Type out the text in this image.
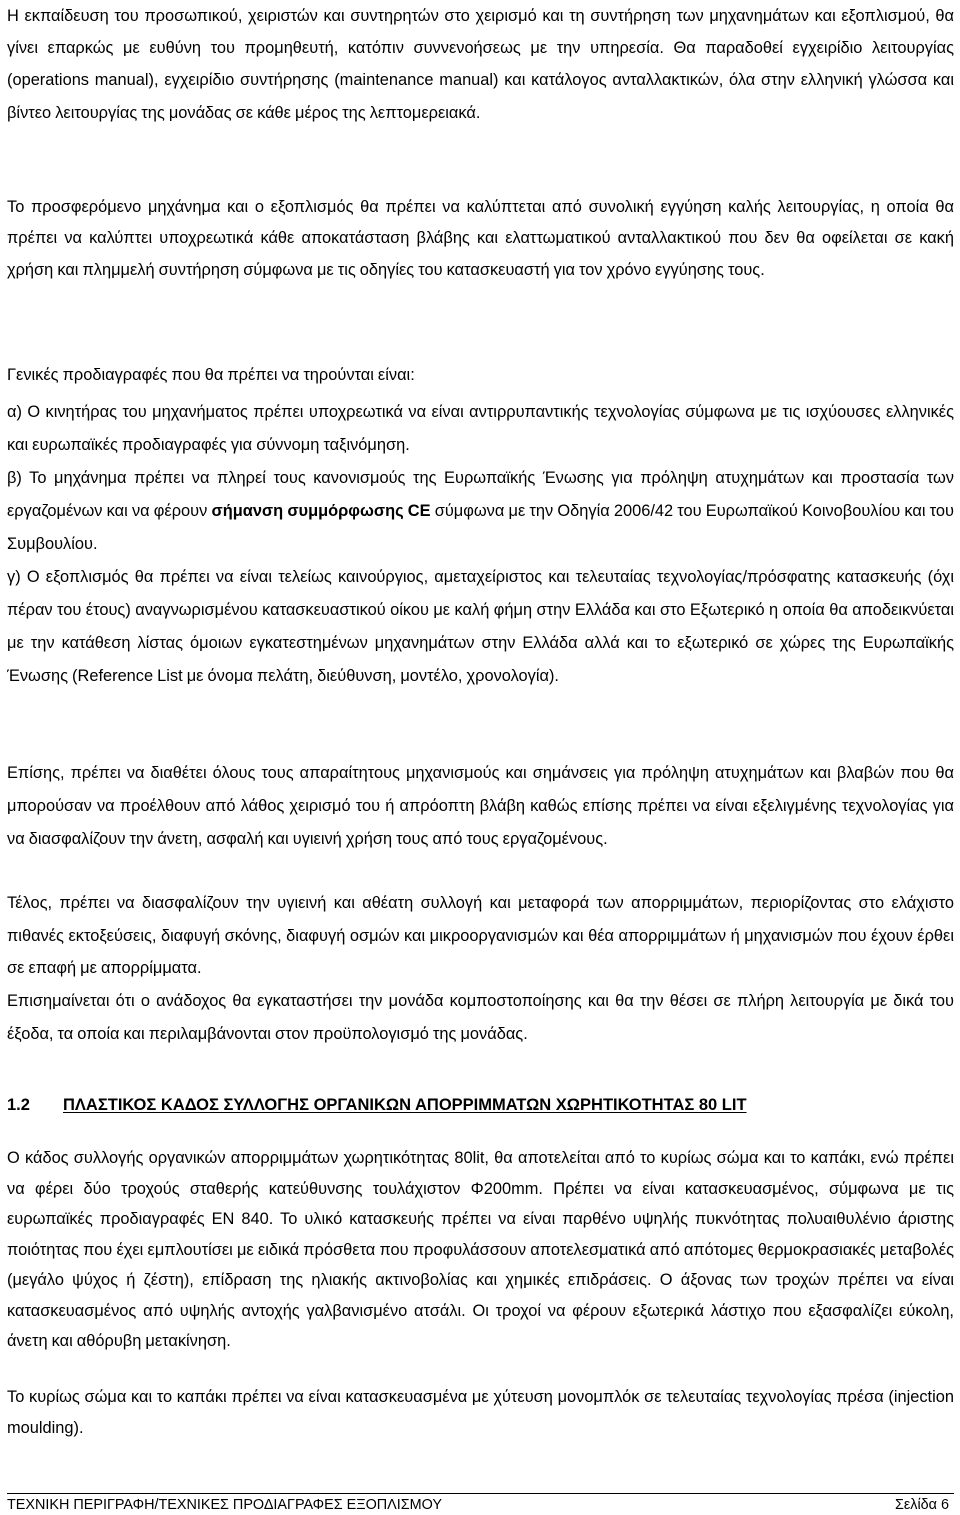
Η εκπαίδευση του προσωπικού, χειριστών και συντηρητών στο χειρισμό και τη συντήρηση των μηχανημάτων και εξοπλισμού, θα γίνει επαρκώς με ευθύνη του προμηθευτή, κατόπιν συννενοήσεως με την υπηρεσία. Θα παραδοθεί εγχειρίδιο λειτουργίας (operations manual), εγχειρίδιο συντήρησης (maintenance manual) και κατάλογος ανταλλακτικών, όλα στην ελληνική γλώσσα και βίντεο λειτουργίας της μονάδας σε κάθε μέρος της λεπτομερειακά.

Το προσφερόμενο μηχάνημα και ο εξοπλισμός θα πρέπει να καλύπτεται από συνολική εγγύηση καλής λειτουργίας, η οποία θα πρέπει να καλύπτει υποχρεωτικά κάθε αποκατάσταση βλάβης και ελαττωματικού ανταλλακτικού που δεν θα οφείλεται σε κακή χρήση και πλημμελή συντήρηση σύμφωνα με τις οδηγίες του κατασκευαστή για τον χρόνο εγγύησης τους.

Γενικές προδιαγραφές που θα πρέπει να τηρούνται είναι:

α) Ο κινητήρας του μηχανήματος πρέπει υποχρεωτικά να είναι αντιρρυπαντικής τεχνολογίας σύμφωνα με τις ισχύουσες ελληνικές και ευρωπαϊκές προδιαγραφές για σύννομη ταξινόμηση.

β) Το μηχάνημα πρέπει να πληρεί τους κανονισμούς της Ευρωπαϊκής Ένωσης για πρόληψη ατυχημάτων και προστασία των εργαζομένων και να φέρουν σήμανση συμμόρφωσης CE σύμφωνα με την Οδηγία 2006/42 του Ευρωπαϊκού Κοινοβουλίου και του Συμβουλίου.

γ) Ο εξοπλισμός θα πρέπει να είναι τελείως καινούργιος, αμεταχείριστος και τελευταίας τεχνολογίας/πρόσφατης κατασκευής (όχι πέραν του έτους) αναγνωρισμένου κατασκευαστικού οίκου με καλή φήμη στην Ελλάδα και στο Εξωτερικό η οποία θα αποδεικνύεται με την κατάθεση λίστας όμοιων εγκατεστημένων μηχανημάτων στην Ελλάδα αλλά και το εξωτερικό σε χώρες της Ευρωπαϊκής Ένωσης (Reference List με όνομα πελάτη, διεύθυνση, μοντέλο, χρονολογία).

Επίσης, πρέπει να διαθέτει όλους τους απαραίτητους μηχανισμούς και σημάνσεις για πρόληψη ατυχημάτων και βλαβών που θα μπορούσαν να προέλθουν από λάθος χειρισμό του ή απρόοπτη βλάβη καθώς επίσης πρέπει να είναι εξελιγμένης τεχνολογίας για να διασφαλίζουν την άνετη, ασφαλή και υγιεινή χρήση τους από τους εργαζομένους.

Τέλος, πρέπει να διασφαλίζουν την υγιεινή και αθέατη συλλογή και μεταφορά των απορριμμάτων, περιορίζοντας στο ελάχιστο πιθανές εκτοξεύσεις, διαφυγή σκόνης, διαφυγή οσμών και μικροοργανισμών και θέα απορριμμάτων ή μηχανισμών που έχουν έρθει σε επαφή με απορρίμματα.

Επισημαίνεται ότι ο ανάδοχος θα εγκαταστήσει την μονάδα κομποστοποίησης και θα την θέσει σε πλήρη λειτουργία με δικά του έξοδα, τα οποία και περιλαμβάνονται στον προϋπολογισμό της μονάδας.

1.2 ΠΛΑΣΤΙΚΟΣ ΚΑΔΟΣ ΣΥΛΛΟΓΗΣ ΟΡΓΑΝΙΚΩΝ ΑΠΟΡΡΙΜΜΑΤΩΝ ΧΩΡΗΤΙΚΟΤΗΤΑΣ 80 LIT

Ο κάδος συλλογής οργανικών απορριμμάτων χωρητικότητας 80lit, θα αποτελείται από το κυρίως σώμα και το καπάκι, ενώ πρέπει να φέρει δύο τροχούς σταθερής κατεύθυνσης τουλάχιστον Φ200mm. Πρέπει να είναι κατασκευασμένος, σύμφωνα με τις ευρωπαϊκές προδιαγραφές ΕΝ 840. Το υλικό κατασκευής πρέπει να είναι παρθένο υψηλής πυκνότητας πολυαιθυλένιο άριστης ποιότητας που έχει εμπλουτίσει με ειδικά πρόσθετα που προφυλάσσουν αποτελεσματικά από απότομες θερμοκρασιακές μεταβολές (μεγάλο ψύχος ή ζέστη), επίδραση της ηλιακής ακτινοβολίας και χημικές επιδράσεις. Ο άξονας των τροχών πρέπει να είναι κατασκευασμένος από υψηλής αντοχής γαλβανισμένο ατσάλι. Οι τροχοί να φέρουν εξωτερικά λάστιχο που εξασφαλίζει εύκολη, άνετη και αθόρυβη μετακίνηση.

Το κυρίως σώμα και το καπάκι πρέπει να είναι κατασκευασμένα με χύτευση μονομπλόκ σε τελευταίας τεχνολογίας πρέσα (injection moulding).

ΤΕΧΝΙΚΗ ΠΕΡΙΓΡΑΦΗ/ΤΕΧΝΙΚΕΣ ΠΡΟΔΙΑΓΡΑΦΕΣ ΕΞΟΠΛΙΣΜΟΥ	Σελίδα 6
